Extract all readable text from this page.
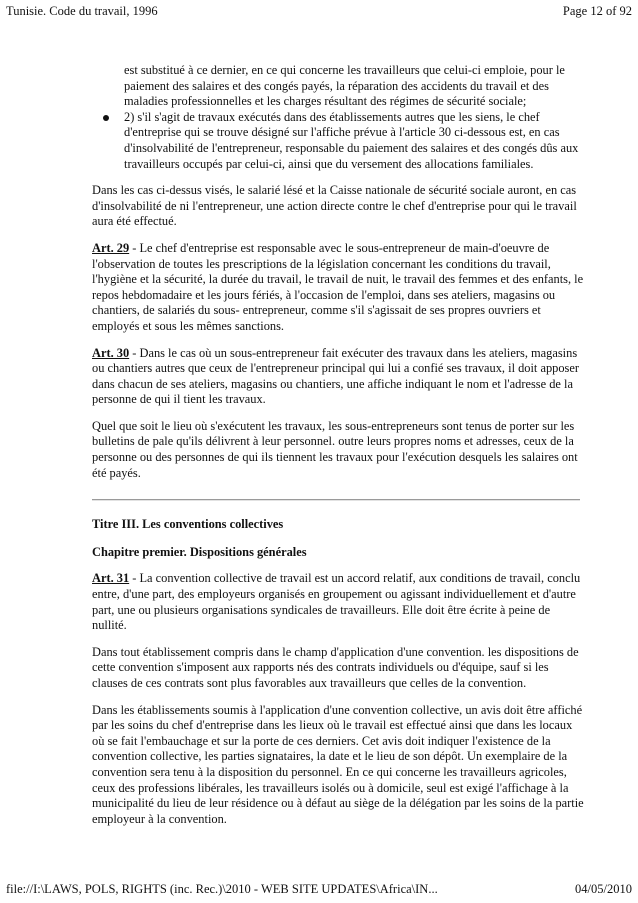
Tunisie. Code du travail, 1996	Page 12 of 92

est substitué à ce dernier, en ce qui concerne les travailleurs que celui-ci emploie, pour le paiement des salaires et des congés payés, la réparation des accidents du travail et des maladies professionnelles et les charges résultant des régimes de sécurité sociale;

2) s'il s'agit de travaux exécutés dans des établissements autres que les siens, le chef d'entreprise qui se trouve désigné sur l'affiche prévue à l'article 30 ci-dessous est, en cas d'insolvabilité de l'entrepreneur, responsable du paiement des salaires et des congés dûs aux travailleurs occupés par celui-ci, ainsi que du versement des allocations familiales.

Dans les cas ci-dessus visés, le salarié lésé et la Caisse nationale de sécurité sociale auront, en cas d'insolvabilité de ni l'entrepreneur, une action directe contre le chef d'entreprise pour qui le travail aura été effectué.

Art. 29 - Le chef d'entreprise est responsable avec le sous-entrepreneur de main-d'oeuvre de l'observation de toutes les prescriptions de la législation concernant les conditions du travail, l'hygiène et la sécurité, la durée du travail, le travail de nuit, le travail des femmes et des enfants, le repos hebdomadaire et les jours fériés, à l'occasion de l'emploi, dans ses ateliers, magasins ou chantiers, de salariés du sous- entrepreneur, comme s'il s'agissait de ses propres ouvriers et employés et sous les mêmes sanctions.

Art. 30 - Dans le cas où un sous-entrepreneur fait exécuter des travaux dans les ateliers, magasins ou chantiers autres que ceux de l'entrepreneur principal qui lui a confié ses travaux, il doit apposer dans chacun de ses ateliers, magasins ou chantiers, une affiche indiquant le nom et l'adresse de la personne de qui il tient les travaux.

Quel que soit le lieu où s'exécutent les travaux, les sous-entrepreneurs sont tenus de porter sur les bulletins de pale qu'ils délivrent à leur personnel. outre leurs propres noms et adresses, ceux de la personne ou des personnes de qui ils tiennent les travaux pour l'exécution desquels les salaires ont été payés.

Titre III. Les conventions collectives

Chapitre premier. Dispositions générales

Art. 31 - La convention collective de travail est un accord relatif, aux conditions de travail, conclu entre, d'une part, des employeurs organisés en groupement ou agissant individuellement et d'autre part, une ou plusieurs organisations syndicales de travailleurs. Elle doit être écrite à peine de nullité.

Dans tout établissement compris dans le champ d'application d'une convention. les dispositions de cette convention s'imposent aux rapports nés des contrats individuels ou d'équipe, sauf si les clauses de ces contrats sont plus favorables aux travailleurs que celles de la convention.

Dans les établissements soumis à l'application d'une convention collective, un avis doit être affiché par les soins du chef d'entreprise dans les lieux où le travail est effectué ainsi que dans les locaux où se fait l'embauchage et sur la porte de ces derniers. Cet avis doit indiquer l'existence de la convention collective, les parties signataires, la date et le lieu de son dépôt. Un exemplaire de la convention sera tenu à la disposition du personnel. En ce qui concerne les travailleurs agricoles, ceux des professions libérales, les travailleurs isolés ou à domicile, seul est exigé l'affichage à la municipalité du lieu de leur résidence ou à défaut au siège de la délégation par les soins de la partie employeur à la convention.

file://I:\LAWS, POLS, RIGHTS (inc. Rec.)\2010 - WEB SITE UPDATES\Africa\IN...	04/05/2010
